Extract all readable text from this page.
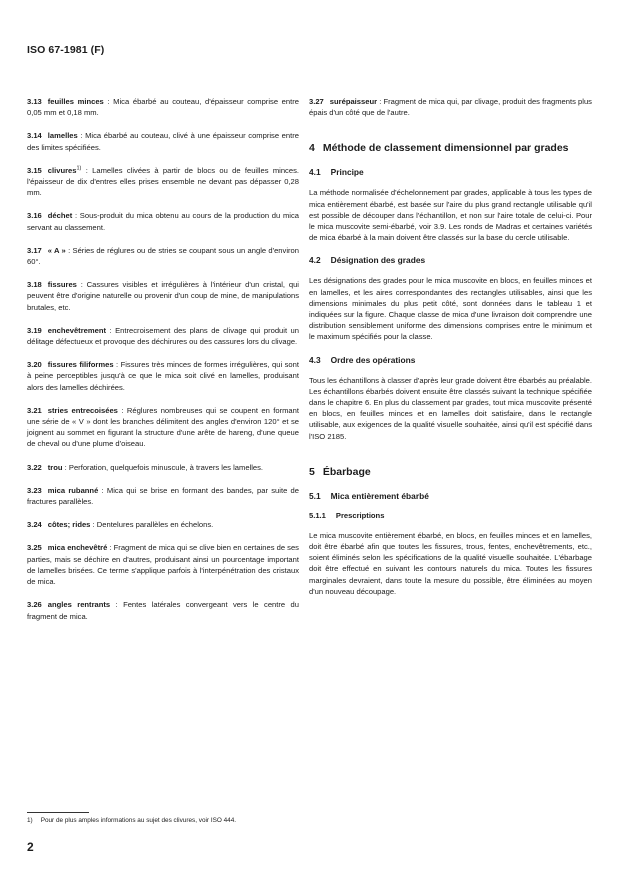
ISO 67-1981 (F)
3.13 feuilles minces : Mica ébarbé au couteau, d'épaisseur comprise entre 0,05 mm et 0,18 mm.
3.14 lamelles : Mica ébarbé au couteau, clivé à une épaisseur comprise entre des limites spécifiées.
3.15 clivures$^{1)}$ : Lamelles clivées à partir de blocs ou de feuilles minces. l'épaisseur de dix d'entres elles prises ensemble ne devant pas dépasser 0,28 mm.
3.16 déchet : Sous-produit du mica obtenu au cours de la production du mica servant au classement.
3.17 « A » : Séries de réglures ou de stries se coupant sous un angle d'environ 60°.
3.18 fissures : Cassures visibles et irrégulières à l'intérieur d'un cristal, qui peuvent être d'origine naturelle ou provenir d'un coup de mine, de manipulations brutales, etc.
3.19 enchevêtrement : Entrecroisement des plans de clivage qui produit un délitage défectueux et provoque des déchirures ou des cassures lors du clivage.
3.20 fissures filiformes : Fissures très minces de formes irrégulières, qui sont à peine perceptibles jusqu'à ce que le mica soit clivé en lamelles, produisant alors des lamelles déchirées.
3.21 stries entrecoisées : Réglures nombreuses qui se coupent en formant une série de « V » dont les branches délimitent des angles d'environ 120° et se joignent au sommet en figurant la structure d'une arête de hareng, d'une queue de cheval ou d'une plume d'oiseau.
3.22 trou : Perforation, quelquefois minuscule, à travers les lamelles.
3.23 mica rubanné : Mica qui se brise en formant des bandes, par suite de fractures parallèles.
3.24 côtes; rides : Dentelures parallèles en échelons.
3.25 mica enchevêtré : Fragment de mica qui se clive bien en certaines de ses parties, mais se déchire en d'autres, produisant ainsi un pourcentage important de lamelles brisées. Ce terme s'applique parfois à l'interpénétration des cristaux de mica.
3.26 angles rentrants : Fentes latérales convergeant vers le centre du fragment de mica.
3.27 surépaisseur : Fragment de mica qui, par clivage, produit des fragments plus épais d'un côté que de l'autre.
4 Méthode de classement dimensionnel par grades
4.1 Principe
La méthode normalisée d'échelonnement par grades, applicable à tous les types de mica entièrement ébarbé, est basée sur l'aire du plus grand rectangle utilisable qu'il est possible de découper dans l'échantillon, et non sur l'aire totale de celui-ci. Pour le mica muscovite semi-ébarbé, voir 3.9. Les ronds de Madras et certaines variétés de mica ébarbé à la main doivent être classés sur la base du cercle utilisable.
4.2 Désignation des grades
Les désignations des grades pour le mica muscovite en blocs, en feuilles minces et en lamelles, et les aires correspondantes des rectangles utilisables, ainsi que les dimensions minimales du plus petit côté, sont données dans le tableau 1 et indiquées sur la figure. Chaque classe de mica d'une livraison doit comprendre une distribution sensiblement uniforme des dimensions comprises entre le minimum et le maximum spécifiés pour la classe.
4.3 Ordre des opérations
Tous les échantillons à classer d'après leur grade doivent être ébarbés au préalable. Les échantillons ébarbés doivent ensuite être classés suivant la technique spécifiée dans le chapitre 6. En plus du classement par grades, tout mica muscovite présenté en blocs, en feuilles minces et en lamelles doit satisfaire, dans le rectangle utilisable, aux exigences de la qualité visuelle souhaitée, ainsi qu'il est spécifié dans l'ISO 2185.
5 Ébarbage
5.1 Mica entièrement ébarbé
5.1.1 Prescriptions
Le mica muscovite entièrement ébarbé, en blocs, en feuilles minces et en lamelles, doit être ébarbé afin que toutes les fissures, trous, fentes, enchevêtrements, etc., soient éliminés selon les spécifications de la qualité visuelle souhaitée. L'ébarbage doit être effectué en suivant les contours naturels du mica. Toutes les fissures marginales devraient, dans toute la mesure du possible, être éliminées au moyen d'un nouveau découpage.
1) Pour de plus amples informations au sujet des clivures, voir ISO 444.
2
